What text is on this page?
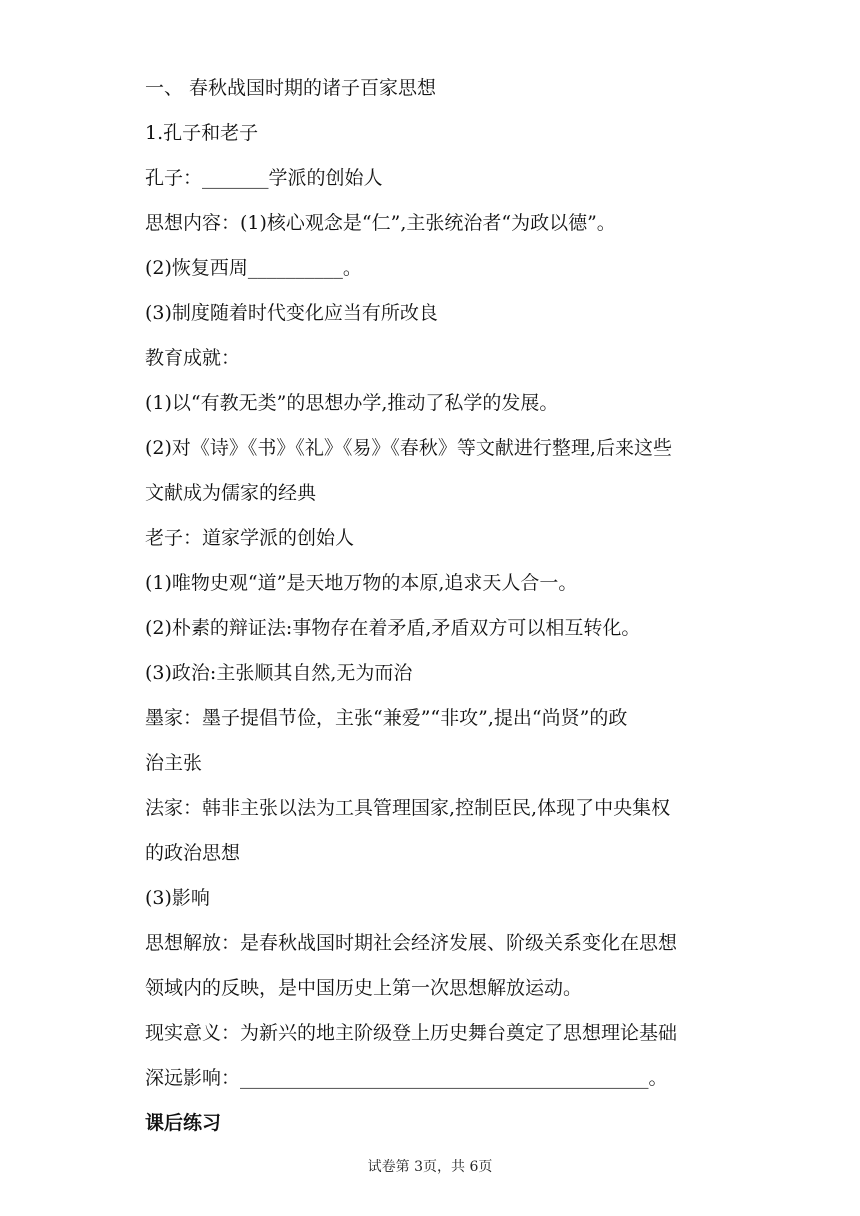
一、 春秋战国时期的诸子百家思想
1.孔子和老子
孔子：_______学派的创始人
思想内容：(1)核心观念是“仁”,主张统治者“为政以德”。
(2)恢复西周__________。
(3)制度随着时代变化应当有所改良
教育成就：
(1)以“有教无类”的思想办学,推动了私学的发展。
(2)对《诗》《书》《礼》《易》《春秋》等文献进行整理,后来这些
文献成为儒家的经典
老子：道家学派的创始人
(1)唯物史观“道”是天地万物的本原,追求天人合一。
(2)朴素的辩证法:事物存在着矛盾,矛盾双方可以相互转化。
(3)政治:主张顺其自然,无为而治
墨家：墨子提倡节俭，主张“兼爱”“非攻”,提出“尚贤”的政
治主张
法家：韩非主张以法为工具管理国家,控制臣民,体现了中央集权
的政治思想
(3)影响
思想解放：是春秋战国时期社会经济发展、阶级关系变化在思想
领域内的反映，是中国历史上第一次思想解放运动。
现实意义：为新兴的地主阶级登上历史舞台奠定了思想理论基础
深远影响：___________________________________________。
课后练习
试卷第 3页，共 6页
